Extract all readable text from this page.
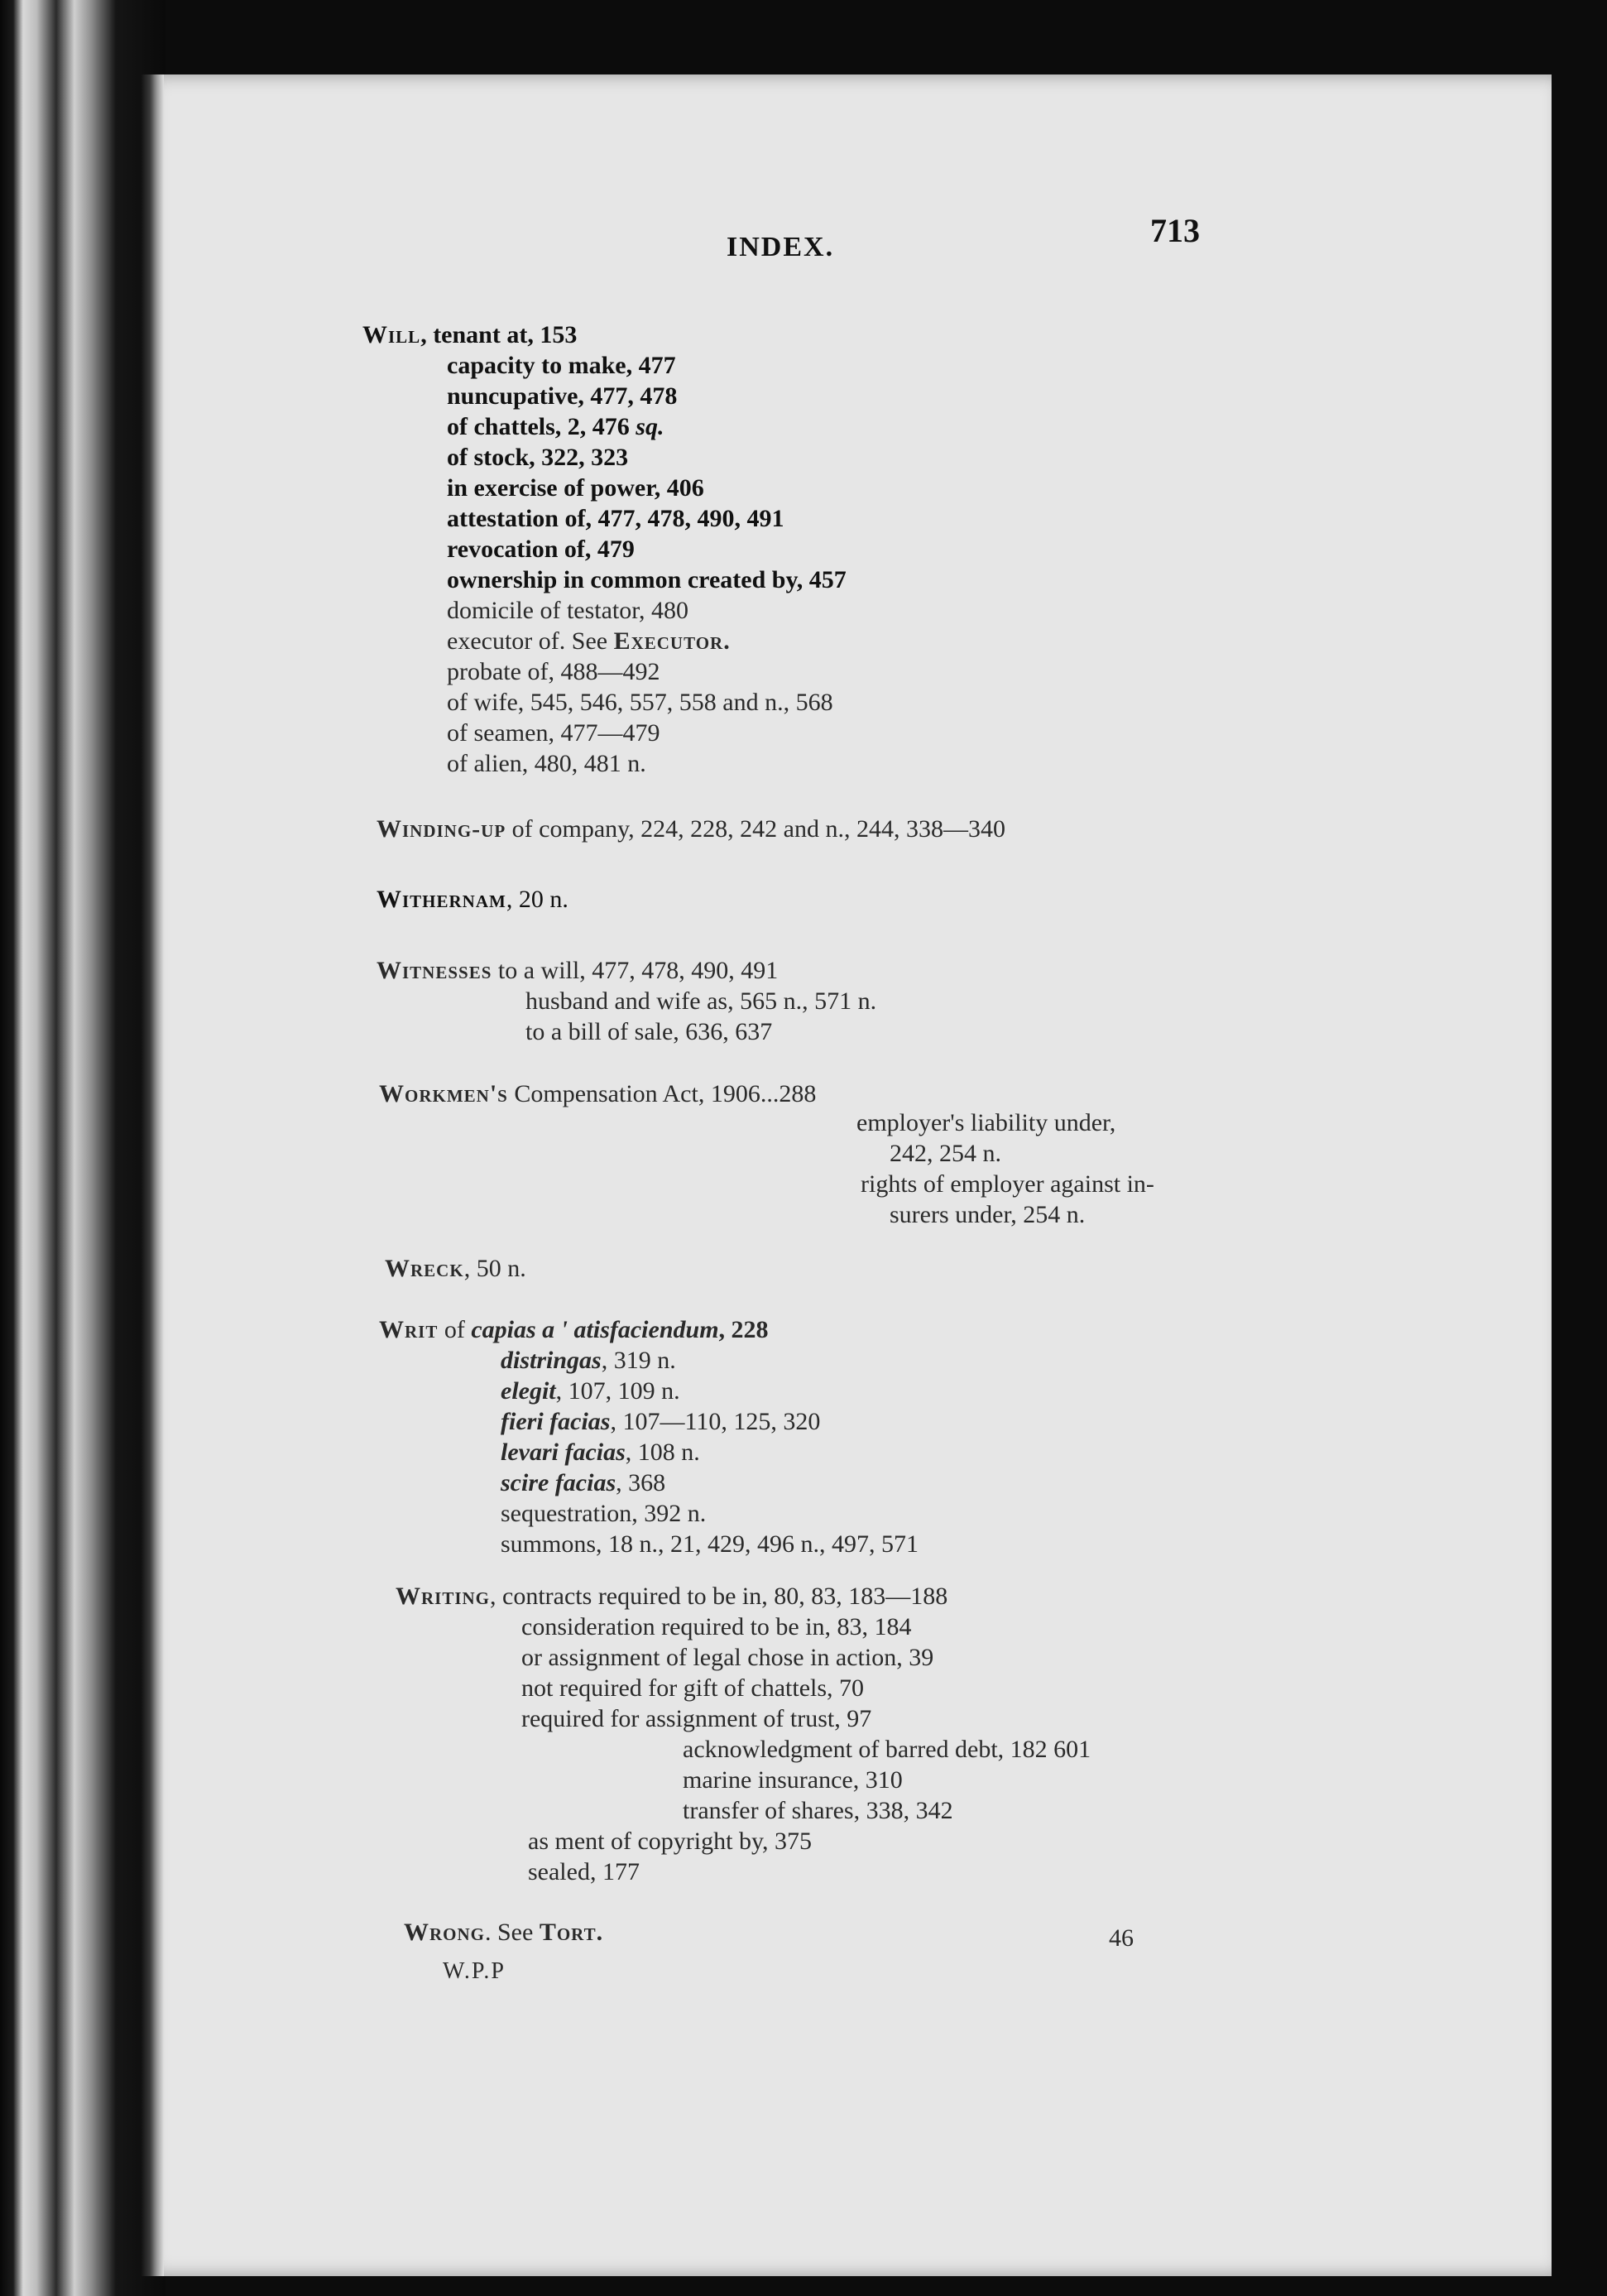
INDEX.	713
Will, tenant at, 153
capacity to make, 477
nuncupative, 477, 478
of chattels, 2, 476 sq.
of stock, 322, 323
in exercise of power, 406
attestation of, 477, 478, 490, 491
revocation of, 479
ownership in common created by, 457
domicile of testator, 480
executor of. See Executor.
probate of, 488—492
of wife, 545, 546, 557, 558 and n., 568
of seamen, 477—479
of alien, 480, 481 n.
Winding-up of company, 224, 228, 242 and n., 244, 338—340
Withernam, 20 n.
Witnesses to a will, 477, 478, 490, 491
husband and wife as, 565 n., 571 n.
to a bill of sale, 636, 637
Workmen's Compensation Act, 1906...288
employer's liability under,
242, 254 n.
rights of employer against in-
surers under, 254 n.
Wreck, 50 n.
Writ of capias a ' atisfaciendum, 228
distringas, 319 n.
elegit, 107, 109 n.
fieri facias, 107—110, 125, 320
levari facias, 108 n.
scire facias, 368
sequestration, 392 n.
summons, 18 n., 21, 429, 496 n., 497, 571
Writing, contracts required to be in, 80, 83, 183—188
consideration required to be in, 83, 184
or assignment of legal chose in action, 39
not required for gift of chattels, 70
required for assignment of trust, 97
acknowledgment of barred debt, 182 601
marine insurance, 310
transfer of shares, 338, 342
as ment of copyright by, 375
sealed, 177
Wrong. See Tort.
W.P.P
46
